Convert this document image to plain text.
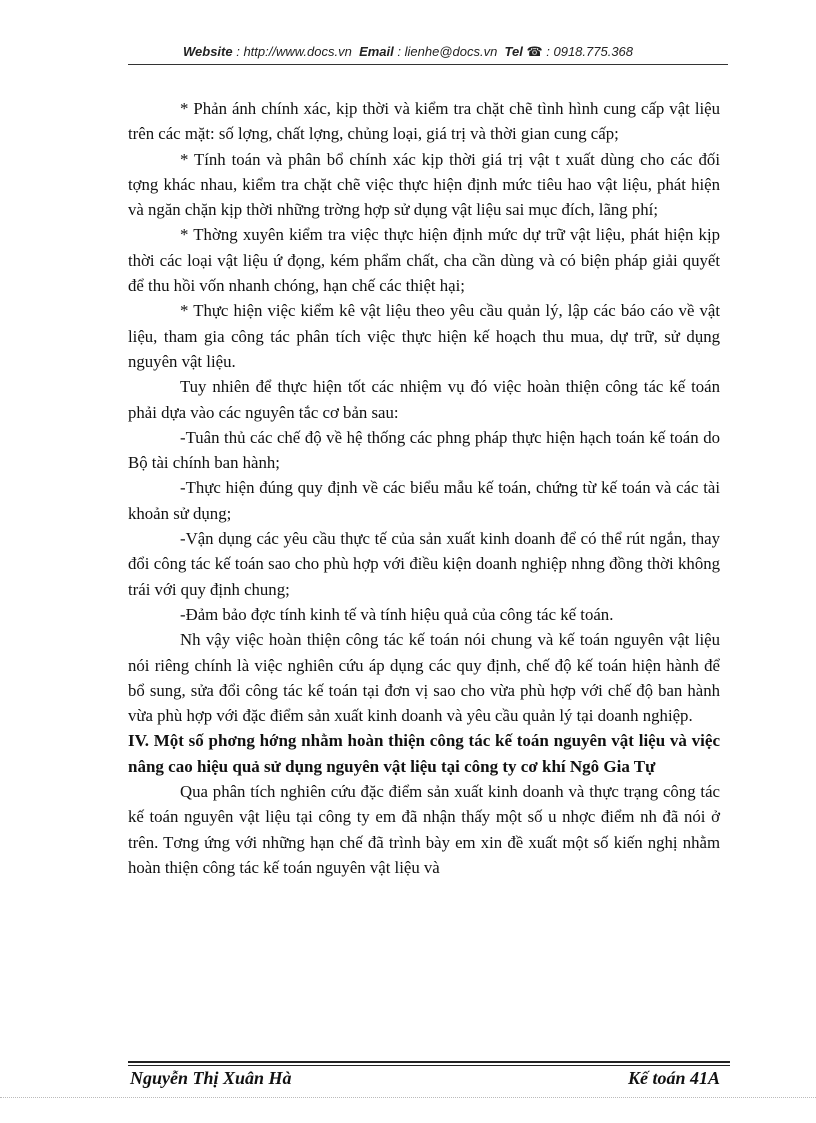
Website : http://www.docs.vn Email : lienhe@docs.vn Tel ☎ : 0918.775.368

* Phản ánh chính xác, kịp thời và kiểm tra chặt chẽ tình hình cung cấp vật liệu trên các mặt: số lợng, chất lợng, chủng loại, giá trị và thời gian cung cấp;

* Tính toán và phân bổ chính xác kịp thời giá trị vật t xuất dùng cho các đối tợng khác nhau, kiểm tra chặt chẽ việc thực hiện định mức tiêu hao vật liệu, phát hiện và ngăn chặn kịp thời những trờng hợp sử dụng vật liệu sai mục đích, lãng phí;

* Thờng xuyên kiểm tra việc thực hiện định mức dự trữ vật liệu, phát hiện kịp thời các loại vật liệu ứ đọng, kém phẩm chất, cha cần dùng và có biện pháp giải quyết để thu hồi vốn nhanh chóng, hạn chế các thiệt hại;

* Thực hiện việc kiểm kê vật liệu theo yêu cầu quản lý, lập các báo cáo về vật liệu, tham gia công tác phân tích việc thực hiện kế hoạch thu mua, dự trữ, sử dụng nguyên vật liệu.

Tuy nhiên để thực hiện tốt các nhiệm vụ đó việc hoàn thiện công tác kế toán phải dựa vào các nguyên tắc cơ bản sau:

-Tuân thủ các chế độ về hệ thống các phng pháp thực hiện hạch toán kế toán do Bộ tài chính ban hành;

-Thực hiện đúng quy định về các biểu mẫu kế toán, chứng từ kế toán và các tài khoản sử dụng;

-Vận dụng các yêu cầu thực tế của sản xuất kinh doanh để có thể rút ngắn, thay đổi công tác kế toán sao cho phù hợp với điều kiện doanh nghiệp nhng đồng thời không trái với quy định chung;

-Đảm bảo đợc tính kinh tế và tính hiệu quả của công tác kế toán.

Nh vậy việc hoàn thiện công tác kế toán nói chung và kế toán nguyên vật liệu nói riêng chính là việc nghiên cứu áp dụng các quy định, chế độ kế toán hiện hành để bổ sung, sửa đổi công tác kế toán tại đơn vị sao cho vừa phù hợp với chế độ ban hành vừa phù hợp với đặc điểm sản xuất kinh doanh và yêu cầu quản lý tại doanh nghiệp.

IV. Một số phơng hớng nhằm hoàn thiện công tác kế toán nguyên vật liệu và việc nâng cao hiệu quả sử dụng nguyên vật liệu tại công ty cơ khí Ngô Gia Tự

Qua phân tích nghiên cứu đặc điểm sản xuất kinh doanh và thực trạng công tác kế toán nguyên vật liệu tại công ty em đã nhận thấy một số u nhợc điểm nh đã nói ở trên. Tơng ứng với những hạn chế đã trình bày em xin đề xuất một số kiến nghị nhằm hoàn thiện công tác kế toán nguyên vật liệu và

Nguyễn Thị Xuân Hà	Kế toán 41A
